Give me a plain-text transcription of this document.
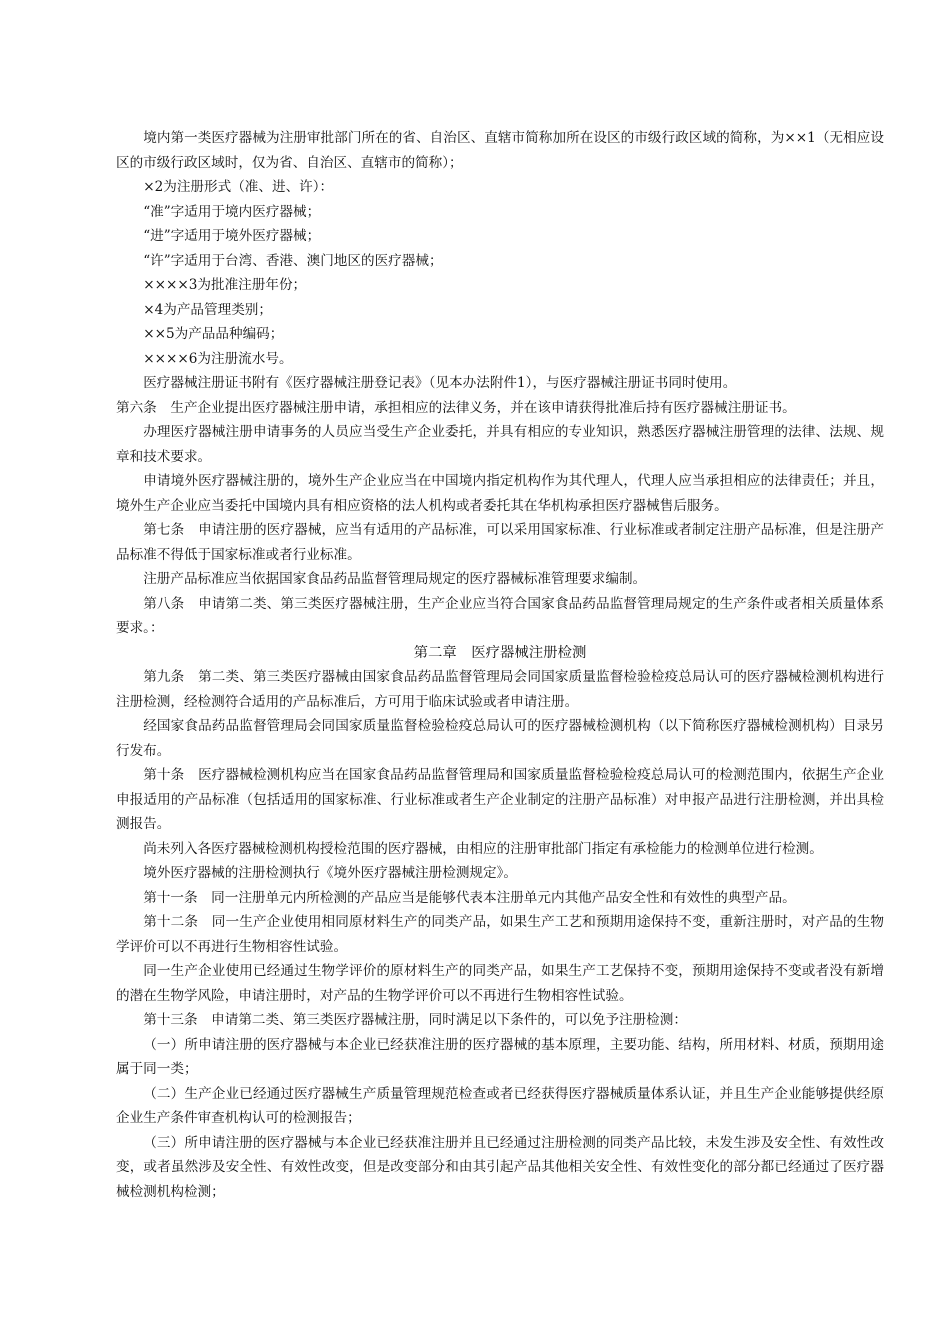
境内第一类医疗器械为注册审批部门所在的省、自治区、直辖市简称加所在设区的市级行政区域的简称，为××1（无相应设区的市级行政区域时，仅为省、自治区、直辖市的简称）；

×2为注册形式（准、进、许）：

“准”字适用于境内医疗器械；

“进”字适用于境外医疗器械；

“许”字适用于台湾、香港、澳门地区的医疗器械；

××××3为批准注册年份；

×4为产品管理类别；

××5为产品品种编码；

××××6为注册流水号。

医疗器械注册证书附有《医疗器械注册登记表》（见本办法附件1），与医疗器械注册证书同时使用。

第六条　生产企业提出医疗器械注册申请，承担相应的法律义务，并在该申请获得批准后持有医疗器械注册证书。

办理医疗器械注册申请事务的人员应当受生产企业委托，并具有相应的专业知识，熟悉医疗器械注册管理的法律、法规、规章和技术要求。

申请境外医疗器械注册的，境外生产企业应当在中国境内指定机构作为其代理人，代理人应当承担相应的法律责任；并且，境外生产企业应当委托中国境内具有相应资格的法人机构或者委托其在华机构承担医疗器械售后服务。

第七条　申请注册的医疗器械，应当有适用的产品标准，可以采用国家标准、行业标准或者制定注册产品标准，但是注册产品标准不得低于国家标准或者行业标准。

注册产品标准应当依据国家食品药品监督管理局规定的医疗器械标准管理要求编制。

第八条　申请第二类、第三类医疗器械注册，生产企业应当符合国家食品药品监督管理局规定的生产条件或者相关质量体系要求。：

第二章　医疗器械注册检测

第九条　第二类、第三类医疗器械由国家食品药品监督管理局会同国家质量监督检验检疫总局认可的医疗器械检测机构进行注册检测，经检测符合适用的产品标准后，方可用于临床试验或者申请注册。

经国家食品药品监督管理局会同国家质量监督检验检疫总局认可的医疗器械检测机构（以下简称医疗器械检测机构）目录另行发布。

第十条　医疗器械检测机构应当在国家食品药品监督管理局和国家质量监督检验检疫总局认可的检测范围内，依据生产企业申报适用的产品标准（包括适用的国家标准、行业标准或者生产企业制定的注册产品标准）对申报产品进行注册检测，并出具检测报告。

尚未列入各医疗器械检测机构授检范围的医疗器械，由相应的注册审批部门指定有承检能力的检测单位进行检测。

境外医疗器械的注册检测执行《境外医疗器械注册检测规定》。

第十一条　同一注册单元内所检测的产品应当是能够代表本注册单元内其他产品安全性和有效性的典型产品。

第十二条　同一生产企业使用相同原材料生产的同类产品，如果生产工艺和预期用途保持不变，重新注册时，对产品的生物学评价可以不再进行生物相容性试验。

同一生产企业使用已经通过生物学评价的原材料生产的同类产品，如果生产工艺保持不变，预期用途保持不变或者没有新增的潜在生物学风险，申请注册时，对产品的生物学评价可以不再进行生物相容性试验。

第十三条　申请第二类、第三类医疗器械注册，同时满足以下条件的，可以免予注册检测：

（一）所申请注册的医疗器械与本企业已经获准注册的医疗器械的基本原理，主要功能、结构，所用材料、材质，预期用途属于同一类；

（二）生产企业已经通过医疗器械生产质量管理规范检查或者已经获得医疗器械质量体系认证，并且生产企业能够提供经原企业生产条件审查机构认可的检测报告；

（三）所申请注册的医疗器械与本企业已经获准注册并且已经通过注册检测的同类产品比较，未发生涉及安全性、有效性改变，或者虽然涉及安全性、有效性改变，但是改变部分和由其引起产品其他相关安全性、有效性变化的部分都已经通过了医疗器械检测机构检测；
